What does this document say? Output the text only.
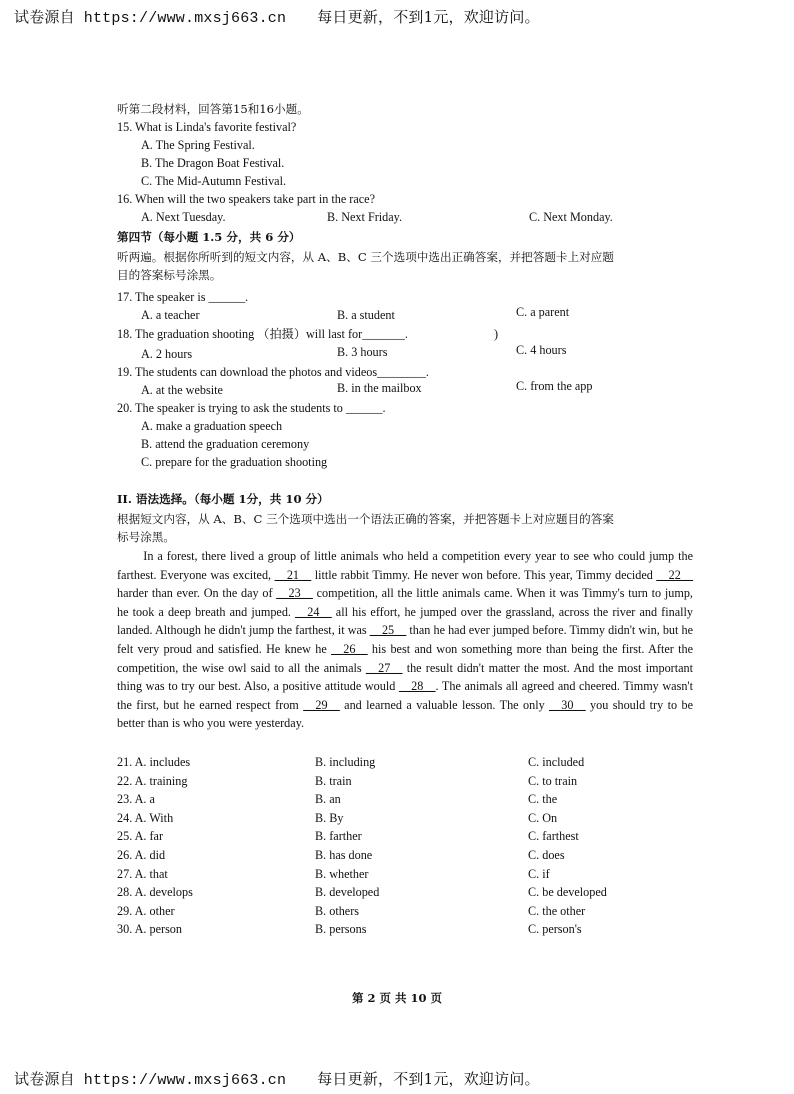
试卷源自 https://www.mxsj663.cn 每日更新，不到1元，欢迎访问。
听第二段材料，回答第15和16小题。
15. What is Linda's favorite festival?
A. The Spring Festival.
B. The Dragon Boat Festival.
C. The Mid-Autumn Festival.
16. When will the two speakers take part in the race?
A. Next Tuesday.	B. Next Friday.	C. Next Monday.
第四节（每小题 1.5 分，共 6 分）
听两遍。根据你所听到的短文内容，从 A、B、C 三个选项中选出正确答案，并把答题卡上对应题
目的答案标号涂黑。
17. The speaker is ______.
A. a teacher	B. a student	C. a parent
18. The graduation shooting （拍摄）will last for_______.	)
A. 2 hours	B. 3 hours	C. 4 hours
19. The students can download the photos and videos________.
A. at the website	B. in the mailbox	C. from the app
20. The speaker is trying to ask the students to ______.
A. make a graduation speech
B. attend the graduation ceremony
C. prepare for the graduation shooting
II. 语法选择。（每小题 1分，共 10 分）
根据短文内容，从 A、B、C 三个选项中选出一个语法正确的答案，并把答题卡上对应题目的答案
标号涂黑。
　　In a forest, there lived a group of little animals who held a competition every year to see who could jump the farthest. Everyone was excited, __21__ little rabbit Timmy. He never won before. This year, Timmy decided __22__ harder than ever. On the day of __23__ competition, all the little animals came. When it was Timmy's turn to jump, he took a deep breath and jumped. __24__ all his effort, he jumped over the grassland, across the river and finally landed. Although he didn't jump the farthest, it was __25__ than he had ever jumped before. Timmy didn't win, but he felt very proud and satisfied. He knew he __26__ his best and won something more than being the first. After the competition, the wise owl said to all the animals __27__ the result didn't matter the most. And the most important thing was to try our best. Also, a positive attitude would __28__. The animals all agreed and cheered. Timmy wasn't the first, but he earned respect from __29__ and learned a valuable lesson. The only __30__ you should try to be better than is who you were yesterday.
21. A. includes	B. including	C. included
22. A. training	B. train	C. to train
23. A. a	B. an	C. the
24. A. With	B. By	C. On
25. A. far	B. farther	C. farthest
26. A. did	B. has done	C. does
27. A. that	B. whether	C. if
28. A. develops	B. developed	C. be developed
29. A. other	B. others	C. the other
30. A. person	B. persons	C. person's
第 2 页 共 10 页
试卷源自 https://www.mxsj663.cn 每日更新，不到1元，欢迎访问。
